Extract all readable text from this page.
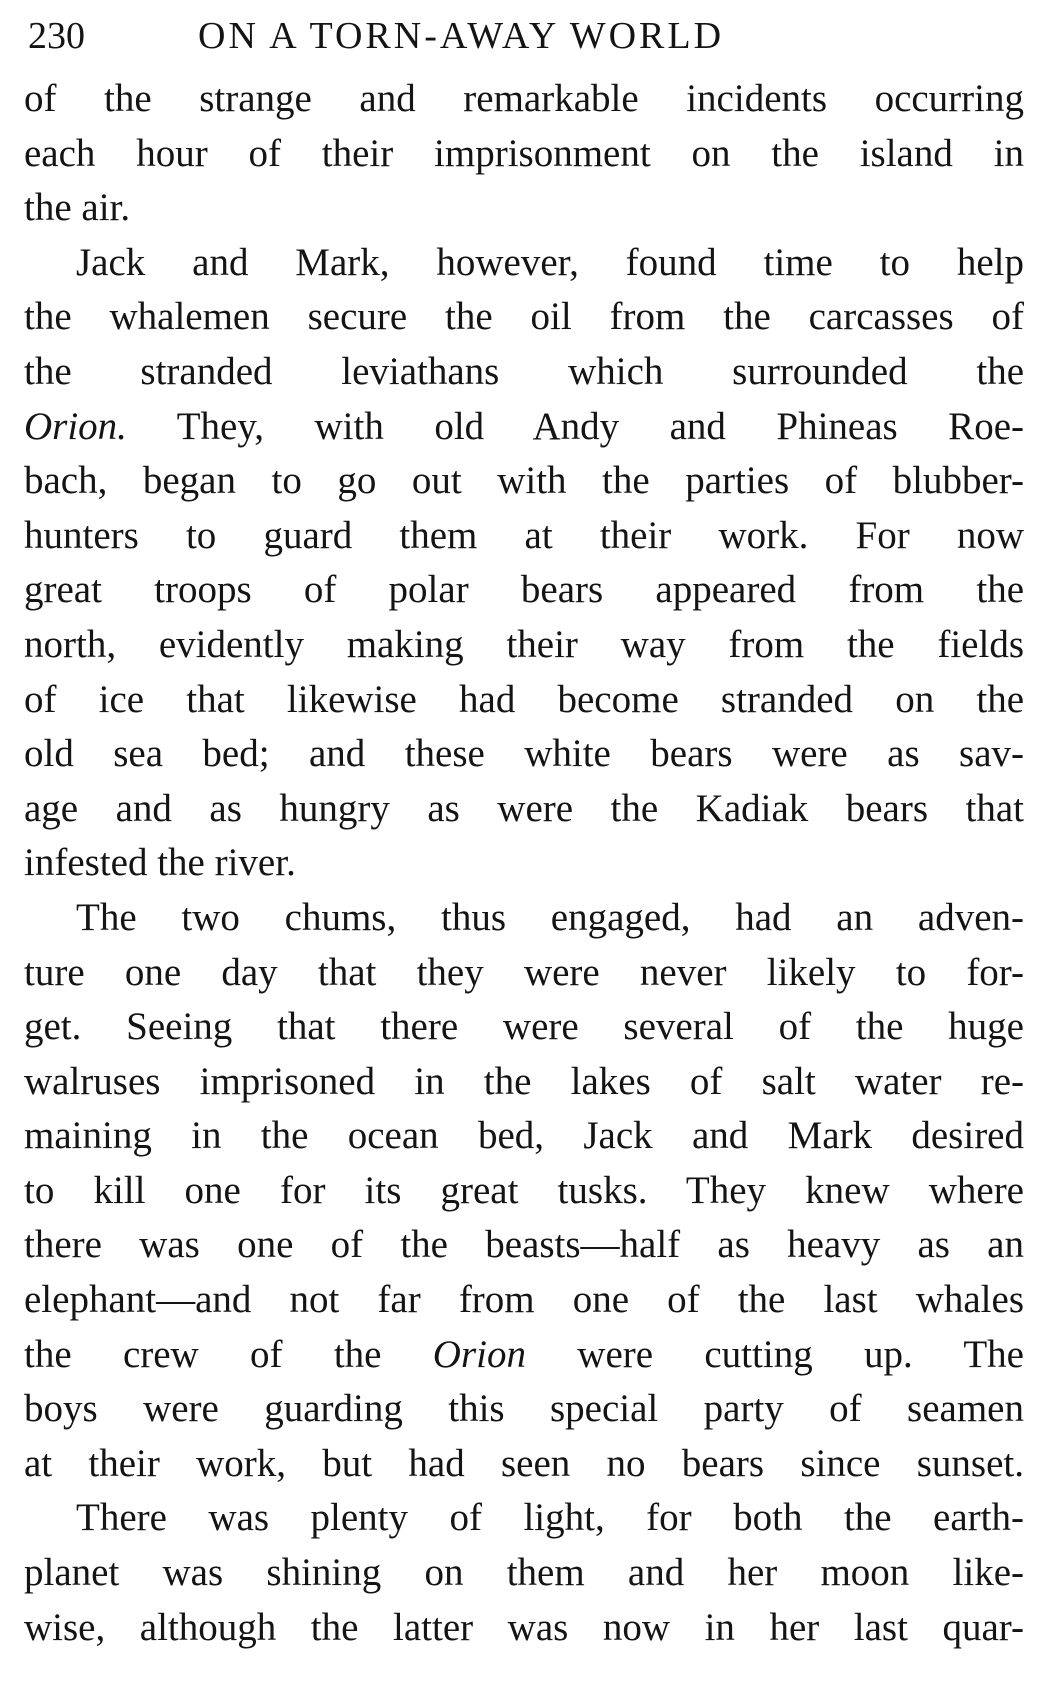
230	ON A TORN-AWAY WORLD
of the strange and remarkable incidents occurring
each hour of their imprisonment on the island in
the air.
Jack and Mark, however, found time to help
the whalemen secure the oil from the carcasses of
the stranded leviathans which surrounded the
Orion. They, with old Andy and Phineas Roe-
bach, began to go out with the parties of blubber-
hunters to guard them at their work. For now
great troops of polar bears appeared from the
north, evidently making their way from the fields
of ice that likewise had become stranded on the
old sea bed; and these white bears were as sav-
age and as hungry as were the Kadiak bears that
infested the river.
The two chums, thus engaged, had an adven-
ture one day that they were never likely to for-
get. Seeing that there were several of the huge
walruses imprisoned in the lakes of salt water re-
maining in the ocean bed, Jack and Mark desired
to kill one for its great tusks. They knew where
there was one of the beasts—half as heavy as an
elephant—and not far from one of the last whales
the crew of the Orion were cutting up. The
boys were guarding this special party of seamen
at their work, but had seen no bears since sunset.
There was plenty of light, for both the earth-
planet was shining on them and her moon like-
wise, although the latter was now in her last quar-
